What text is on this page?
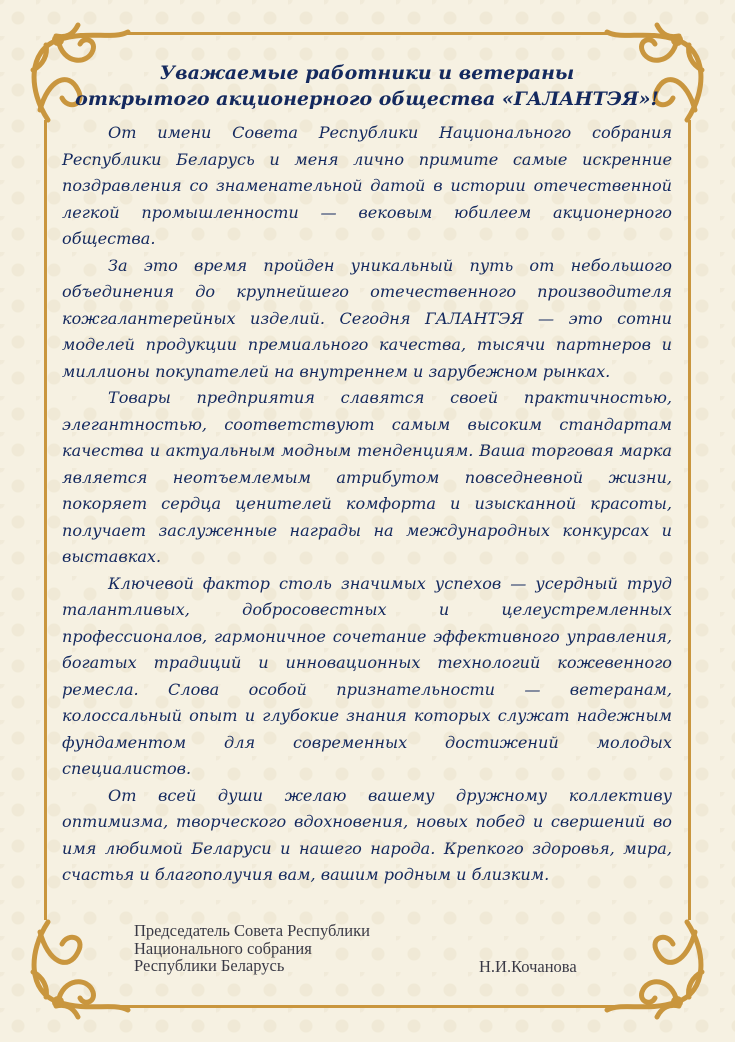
Уважаемые работники и ветераны
открытого акционерного общества «ГАЛАНТЭЯ»!

От имени Совета Республики Национального собрания Республики Беларусь и меня лично примите самые искренние поздравления со знаменательной датой в истории отечественной легкой промышленности — вековым юбилеем акционерного общества.

За это время пройден уникальный путь от небольшого объединения до крупнейшего отечественного производителя кожгалантерейных изделий. Сегодня ГАЛАНТЭЯ — это сотни моделей продукции премиального качества, тысячи партнеров и миллионы покупателей на внутреннем и зарубежном рынках.

Товары предприятия славятся своей практичностью, элегантностью, соответствуют самым высоким стандартам качества и актуальным модным тенденциям. Ваша торговая марка является неотъемлемым атрибутом повседневной жизни, покоряет сердца ценителей комфорта и изысканной красоты, получает заслуженные награды на международных конкурсах и выставках.

Ключевой фактор столь значимых успехов — усердный труд талантливых, добросовестных и целеустремленных профессионалов, гармоничное сочетание эффективного управления, богатых традиций и инновационных технологий кожевенного ремесла. Слова особой признательности — ветеранам, колоссальный опыт и глубокие знания которых служат надежным фундаментом для современных достижений молодых специалистов.

От всей души желаю вашему дружному коллективу оптимизма, творческого вдохновения, новых побед и свершений во имя любимой Беларуси и нашего народа. Крепкого здоровья, мира, счастья и благополучия вам, вашим родным и близким.

Председатель Совета Республики
Национального собрания
Республики Беларусь	Н.И.Кочанова
